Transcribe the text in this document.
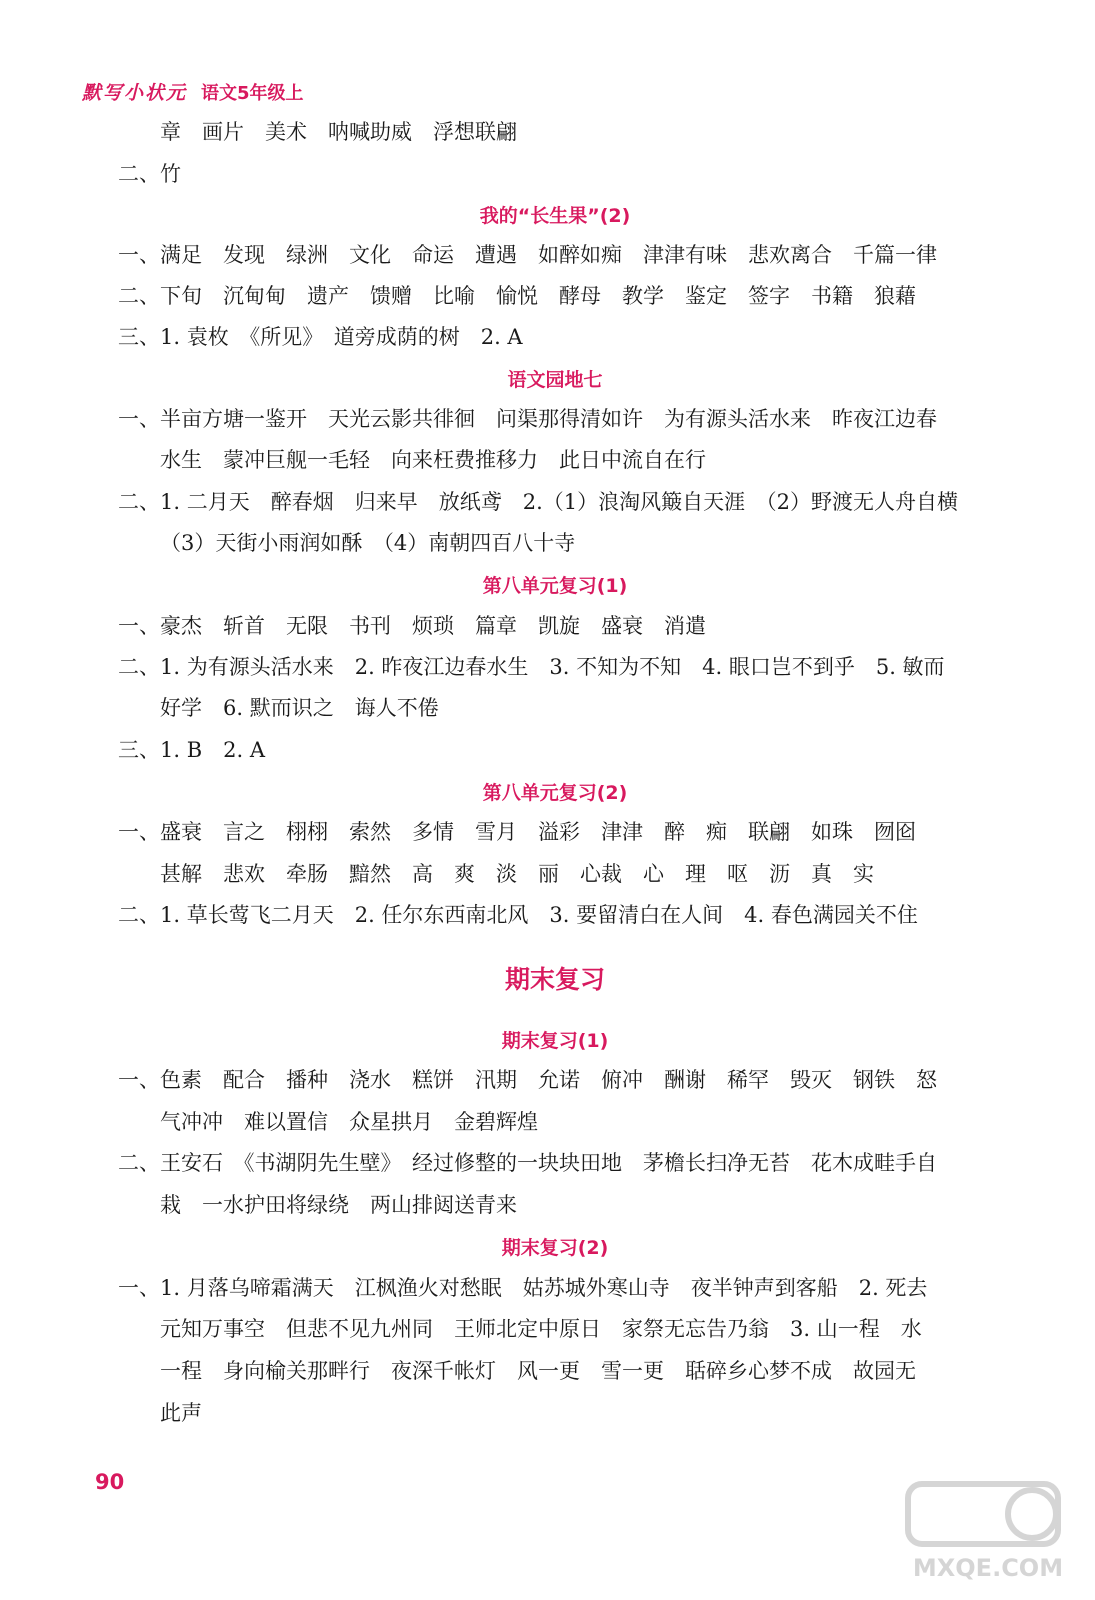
默写小状元 语文5年级上
章　画片　美术　呐喊助威　浮想联翩
二、竹
我的“长生果”(2)
一、满足　发现　绿洲　文化　命运　遭遇　如醉如痴　津津有味　悲欢离合　千篇一律
二、下旬　沉甸甸　遗产　馈赠　比喻　愉悦　酵母　教学　鉴定　签字　书籍　狼藉
三、1. 袁枚　《所见》　道旁成荫的树　2. A
语文园地七
一、半亩方塘一鉴开　天光云影共徘徊　问渠那得清如许　为有源头活水来　昨夜江边春
水生　蒙冲巨舰一毛轻　向来枉费推移力　此日中流自在行
二、1. 二月天　醉春烟　归来早　放纸鸢　2.（1）浪淘风簸自天涯　（2）野渡无人舟自横
（3）天街小雨润如酥　（4）南朝四百八十寺
第八单元复习(1)
一、豪杰　斩首　无限　书刊　烦琐　篇章　凯旋　盛衰　消遣
二、1. 为有源头活水来　2. 昨夜江边春水生　3. 不知为不知　4. 眼口岂不到乎　5. 敏而
好学　6. 默而识之　诲人不倦
三、1. B　2. A
第八单元复习(2)
一、盛衰　言之　栩栩　索然　多情　雪月　溢彩　津津　醉　痴　联翩　如珠　囫囵
甚解　悲欢　牵肠　黯然　高　爽　淡　丽　心裁　心　理　呕　沥　真　实
二、1. 草长莺飞二月天　2. 任尔东西南北风　3. 要留清白在人间　4. 春色满园关不住
期末复习
期末复习(1)
一、色素　配合　播种　浇水　糕饼　汛期　允诺　俯冲　酬谢　稀罕　毁灭　钢铁　怒
气冲冲　难以置信　众星拱月　金碧辉煌
二、王安石　《书湖阴先生壁》　经过修整的一块块田地　茅檐长扫净无苔　花木成畦手自
栽　一水护田将绿绕　两山排闼送青来
期末复习(2)
一、1. 月落乌啼霜满天　江枫渔火对愁眠　姑苏城外寒山寺　夜半钟声到客船　2. 死去
元知万事空　但悲不见九州同　王师北定中原日　家祭无忘告乃翁　3. 山一程　水
一程　身向榆关那畔行　夜深千帐灯　风一更　雪一更　聒碎乡心梦不成　故园无
此声
90
MXQE.COM
